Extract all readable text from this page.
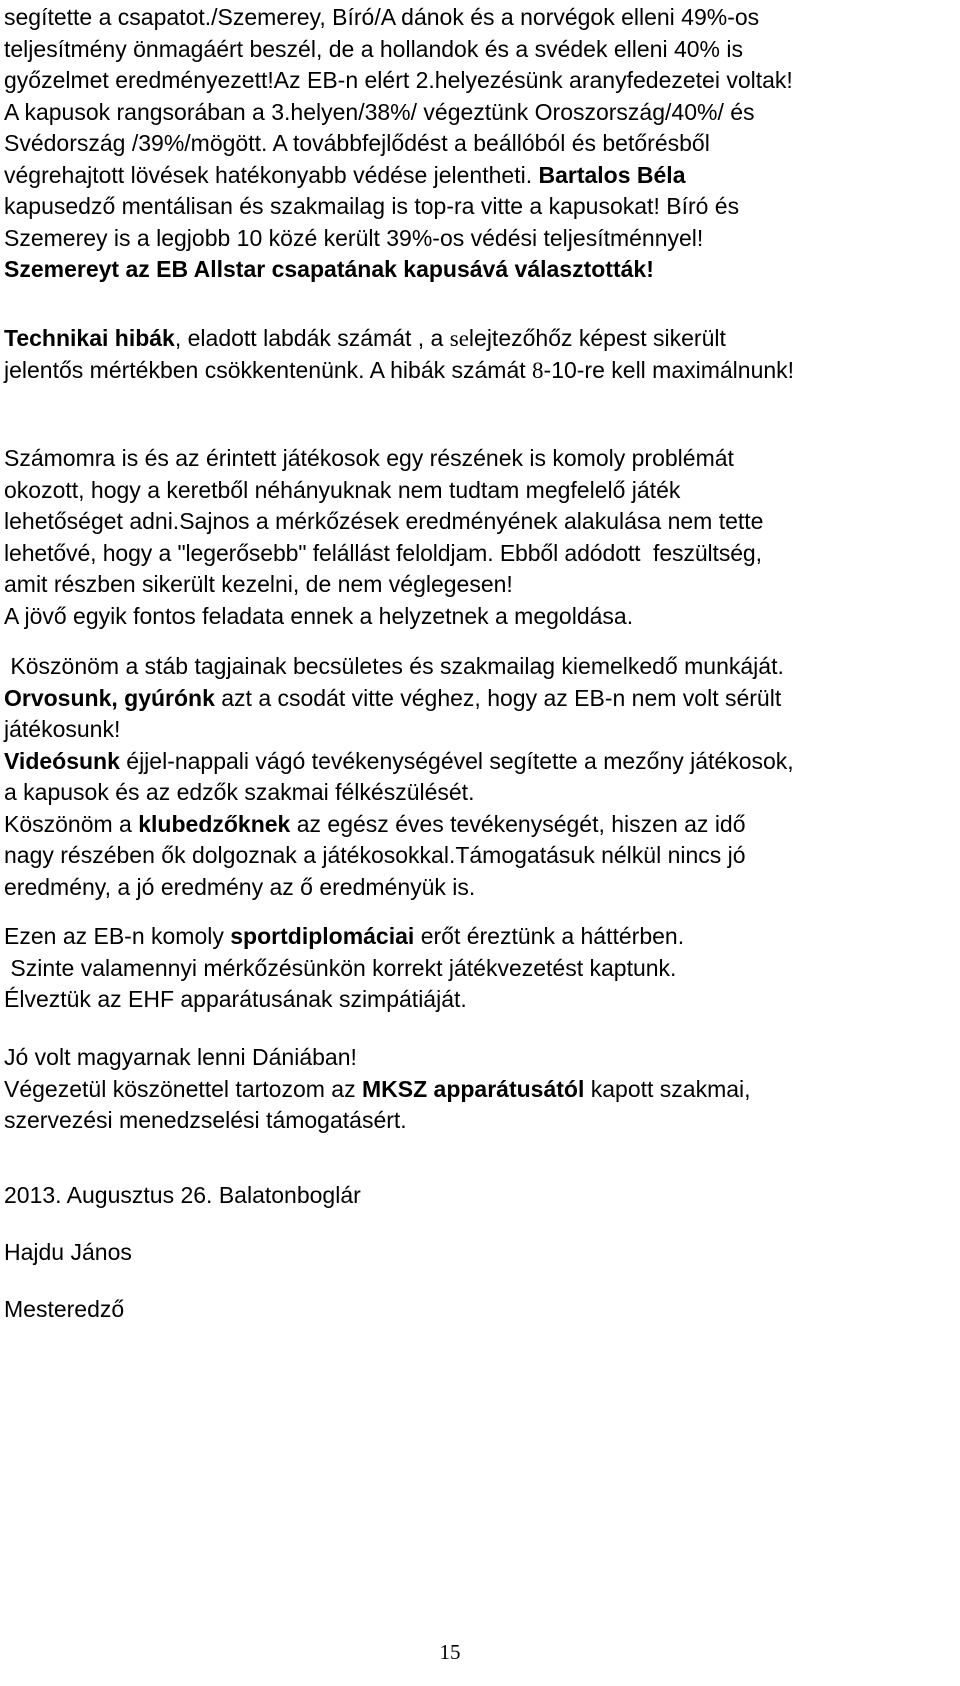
segítette a csapatot./Szemerey, Bíró/A dánok és a norvégok elleni 49%-os
teljesítmény önmagáért beszél, de a hollandok és a svédek elleni 40% is
győzelmet eredményezett!Az EB-n elért 2.helyezésünk aranyfedezetei voltak!
A kapusok rangsorában a 3.helyen/38%/ végeztünk Oroszország/40%/ és
Svédország /39%/mögött. A továbbfejlődést a beállóból és betőrésből
végrehajtott lövések hatékonyabb védése jelentheti. Bartalos Béla
kapusedző mentálisan és szakmailag is top-ra vitte a kapusokat! Bíró és
Szemerey is a legjobb 10 közé került 39%-os védési teljesítménnyel!
Szemereyt az EB Allstar csapatának kapusává választották!
Technikai hibák, eladott labdák számát , a selejtezőhőz képest sikerült
jelentős mértékben csökkentenünk. A hibák számát 8-10-re kell maximálnunk!
Számomra is és az érintett játékosok egy részének is komoly problémát
okozott, hogy a keretből néhányuknak nem tudtam megfelelő játék
lehetőséget adni.Sajnos a mérkőzések eredményének alakulása nem tette
lehetővé, hogy a "legerősebb" felállást feloldjam. Ebből adódott  feszültség,
amit részben sikerült kezelni, de nem véglegesen!
A jövő egyik fontos feladata ennek a helyzetnek a megoldása.
Köszönöm a stáb tagjainak becsületes és szakmailag kiemelkedő munkáját.
Orvosunk, gyúrónk azt a csodát vitte véghez, hogy az EB-n nem volt sérült
játékosunk!
Videósunk éjjel-nappali vágó tevékenységével segítette a mezőny játékosok,
a kapusok és az edzők szakmai félkészülését.
Köszönöm a klubedzőknek az egész éves tevékenységét, hiszen az idő
nagy részében ők dolgoznak a játékosokkal.Támogatásuk nélkül nincs jó
eredmény, a jó eredmény az ő eredményük is.
Ezen az EB-n komoly sportdiplomáciai erőt éreztünk a háttérben.
Szinte valamennyi mérkőzésünkön korrekt játékvezetést kaptunk.
Élveztük az EHF apparátusának szimpátiáját.
Jó volt magyarnak lenni Dániában!
Végezetül köszönettel tartozom az MKSZ apparátusától kapott szakmai,
szervezési menedzselési támogatásért.
2013. Augusztus 26. Balatonboglár
Hajdu János
Mesteredző
15
